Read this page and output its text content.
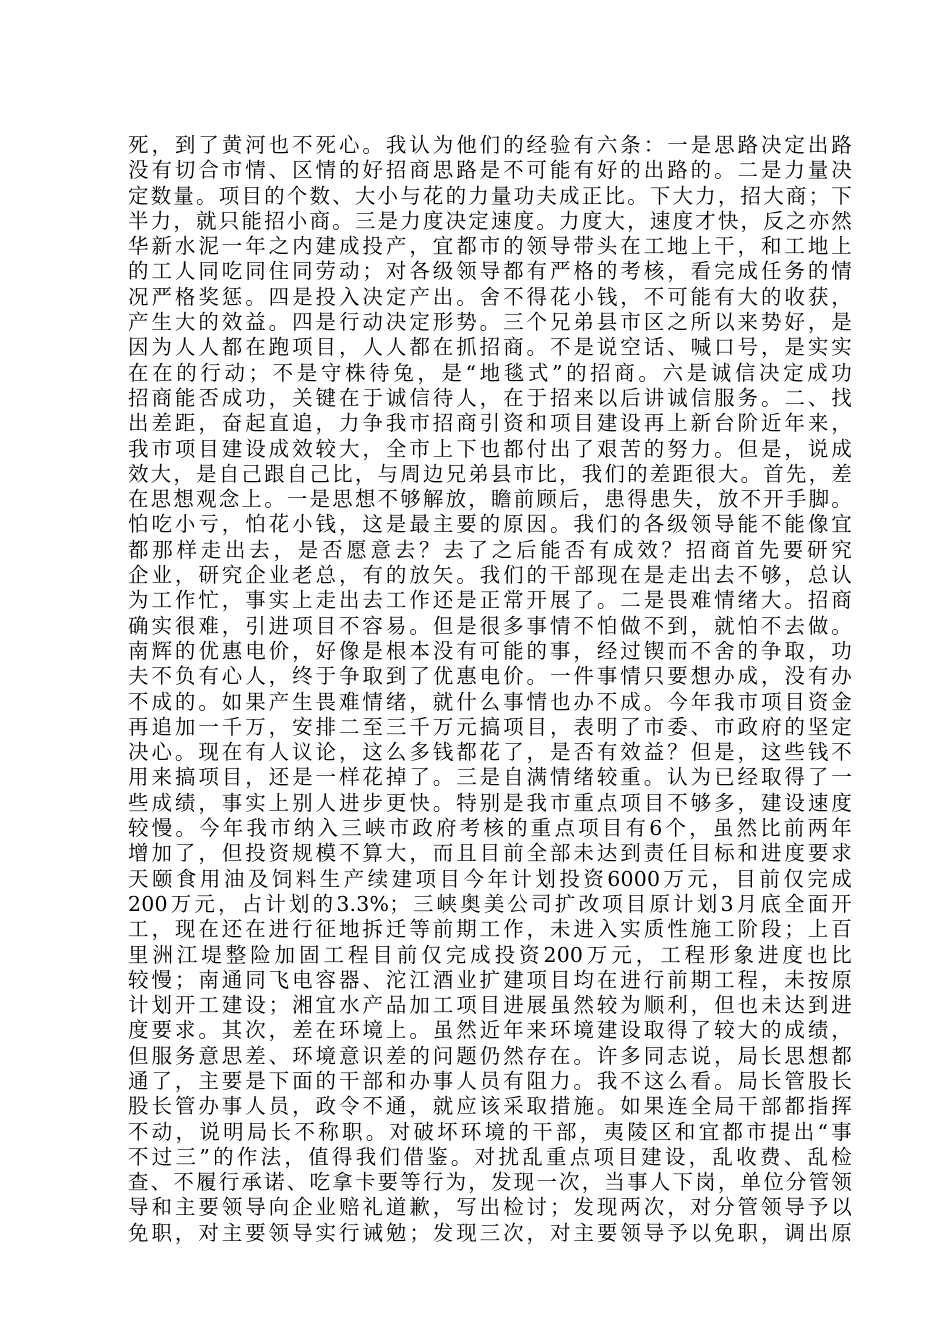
死，到了黄河也不死心。我认为他们的经验有六条：一是思路决定出路
没有切合市情、区情的好招商思路是不可能有好的出路的。二是力量决
定数量。项目的个数、大小与花的力量功夫成正比。下大力，招大商；下
半力，就只能招小商。三是力度决定速度。力度大，速度才快，反之亦然
华新水泥一年之内建成投产，宜都市的领导带头在工地上干，和工地上
的工人同吃同住同劳动；对各级领导都有严格的考核，看完成任务的情
况严格奖惩。四是投入决定产出。舍不得花小钱，不可能有大的收获，
产生大的效益。四是行动决定形势。三个兄弟县市区之所以来势好，是
因为人人都在跑项目，人人都在抓招商。不是说空话、喊口号，是实实
在在的行动；不是守株待兔，是“地毯式”的招商。六是诚信决定成功
招商能否成功，关键在于诚信待人，在于招来以后讲诚信服务。二、找
出差距，奋起直追，力争我市招商引资和项目建设再上新台阶近年来，
我市项目建设成效较大，全市上下也都付出了艰苦的努力。但是，说成
效大，是自己跟自己比，与周边兄弟县市比，我们的差距很大。首先，差
在思想观念上。一是思想不够解放，瞻前顾后，患得患失，放不开手脚。
怕吃小亏，怕花小钱，这是最主要的原因。我们的各级领导能不能像宜
都那样走出去，是否愿意去？去了之后能否有成效？招商首先要研究
企业，研究企业老总，有的放矢。我们的干部现在是走出去不够，总认
为工作忙，事实上走出去工作还是正常开展了。二是畏难情绪大。招商
确实很难，引进项目不容易。但是很多事情不怕做不到，就怕不去做。
南辉的优惠电价，好像是根本没有可能的事，经过锲而不舍的争取，功
夫不负有心人，终于争取到了优惠电价。一件事情只要想办成，没有办
不成的。如果产生畏难情绪，就什么事情也办不成。今年我市项目资金
再追加一千万，安排二至三千万元搞项目，表明了市委、市政府的坚定
决心。现在有人议论，这么多钱都花了，是否有效益？但是，这些钱不
用来搞项目，还是一样花掉了。三是自满情绪较重。认为已经取得了一
些成绩，事实上别人进步更快。特别是我市重点项目不够多，建设速度
较慢。今年我市纳入三峡市政府考核的重点项目有6个，虽然比前两年
增加了，但投资规模不算大，而且目前全部未达到责任目标和进度要求
天颐食用油及饲料生产续建项目今年计划投资6000万元，目前仅完成
200万元，占计划的3.3%；三峡奥美公司扩改项目原计划3月底全面开
工，现在还在进行征地拆迁等前期工作，未进入实质性施工阶段；上百
里洲江堤整险加固工程目前仅完成投资200万元，工程形象进度也比
较慢；南通同飞电容器、沱江酒业扩建项目均在进行前期工程，未按原
计划开工建设；湘宜水产品加工项目进展虽然较为顺利，但也未达到进
度要求。其次，差在环境上。虽然近年来环境建设取得了较大的成绩，
但服务意思差、环境意识差的问题仍然存在。许多同志说，局长思想都
通了，主要是下面的干部和办事人员有阻力。我不这么看。局长管股长
股长管办事人员，政令不通，就应该采取措施。如果连全局干部都指挥
不动，说明局长不称职。对破坏环境的干部，夷陵区和宜都市提出“事
不过三”的作法，值得我们借鉴。对扰乱重点项目建设，乱收费、乱检
查、不履行承诺、吃拿卡要等行为，发现一次，当事人下岗，单位分管领
导和主要领导向企业赔礼道歉，写出检讨；发现两次，对分管领导予以
免职，对主要领导实行诫勉；发现三次，对主要领导予以免职，调出原
